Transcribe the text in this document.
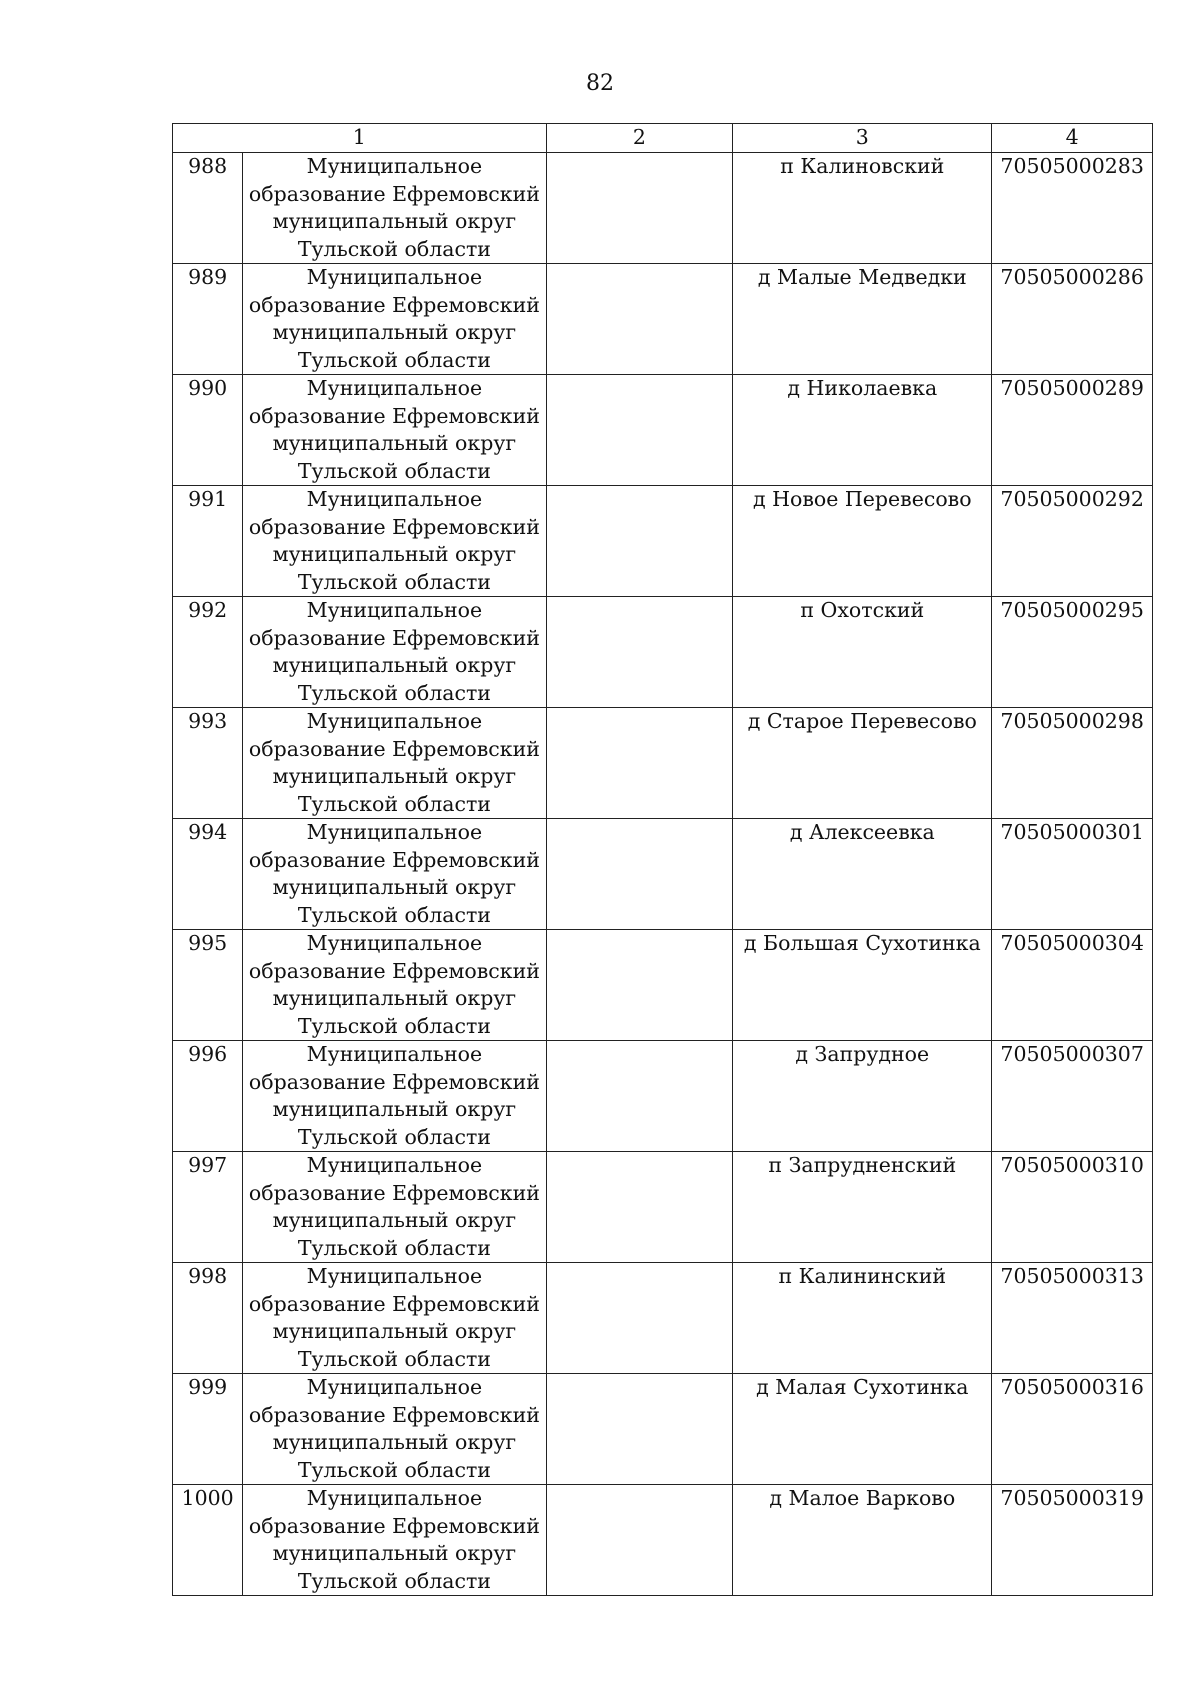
82
1		2	3	4
988	Муниципальное
образование Ефремовский
муниципальный округ
Тульской области		п Калиновский	70505000283
989	Муниципальное
образование Ефремовский
муниципальный округ
Тульской области		д Малые Медведки	70505000286
990	Муниципальное
образование Ефремовский
муниципальный округ
Тульской области		д Николаевка	70505000289
991	Муниципальное
образование Ефремовский
муниципальный округ
Тульской области		д Новое Перевесово	70505000292
992	Муниципальное
образование Ефремовский
муниципальный округ
Тульской области		п Охотский	70505000295
993	Муниципальное
образование Ефремовский
муниципальный округ
Тульской области		д Старое Перевесово	70505000298
994	Муниципальное
образование Ефремовский
муниципальный округ
Тульской области		д Алексеевка	70505000301
995	Муниципальное
образование Ефремовский
муниципальный округ
Тульской области		д Большая Сухотинка	70505000304
996	Муниципальное
образование Ефремовский
муниципальный округ
Тульской области		д Запрудное	70505000307
997	Муниципальное
образование Ефремовский
муниципальный округ
Тульской области		п Запрудненский	70505000310
998	Муниципальное
образование Ефремовский
муниципальный округ
Тульской области		п Калининский	70505000313
999	Муниципальное
образование Ефремовский
муниципальный округ
Тульской области		д Малая Сухотинка	70505000316
1000	Муниципальное
образование Ефремовский
муниципальный округ
Тульской области		д Малое Варково	70505000319
